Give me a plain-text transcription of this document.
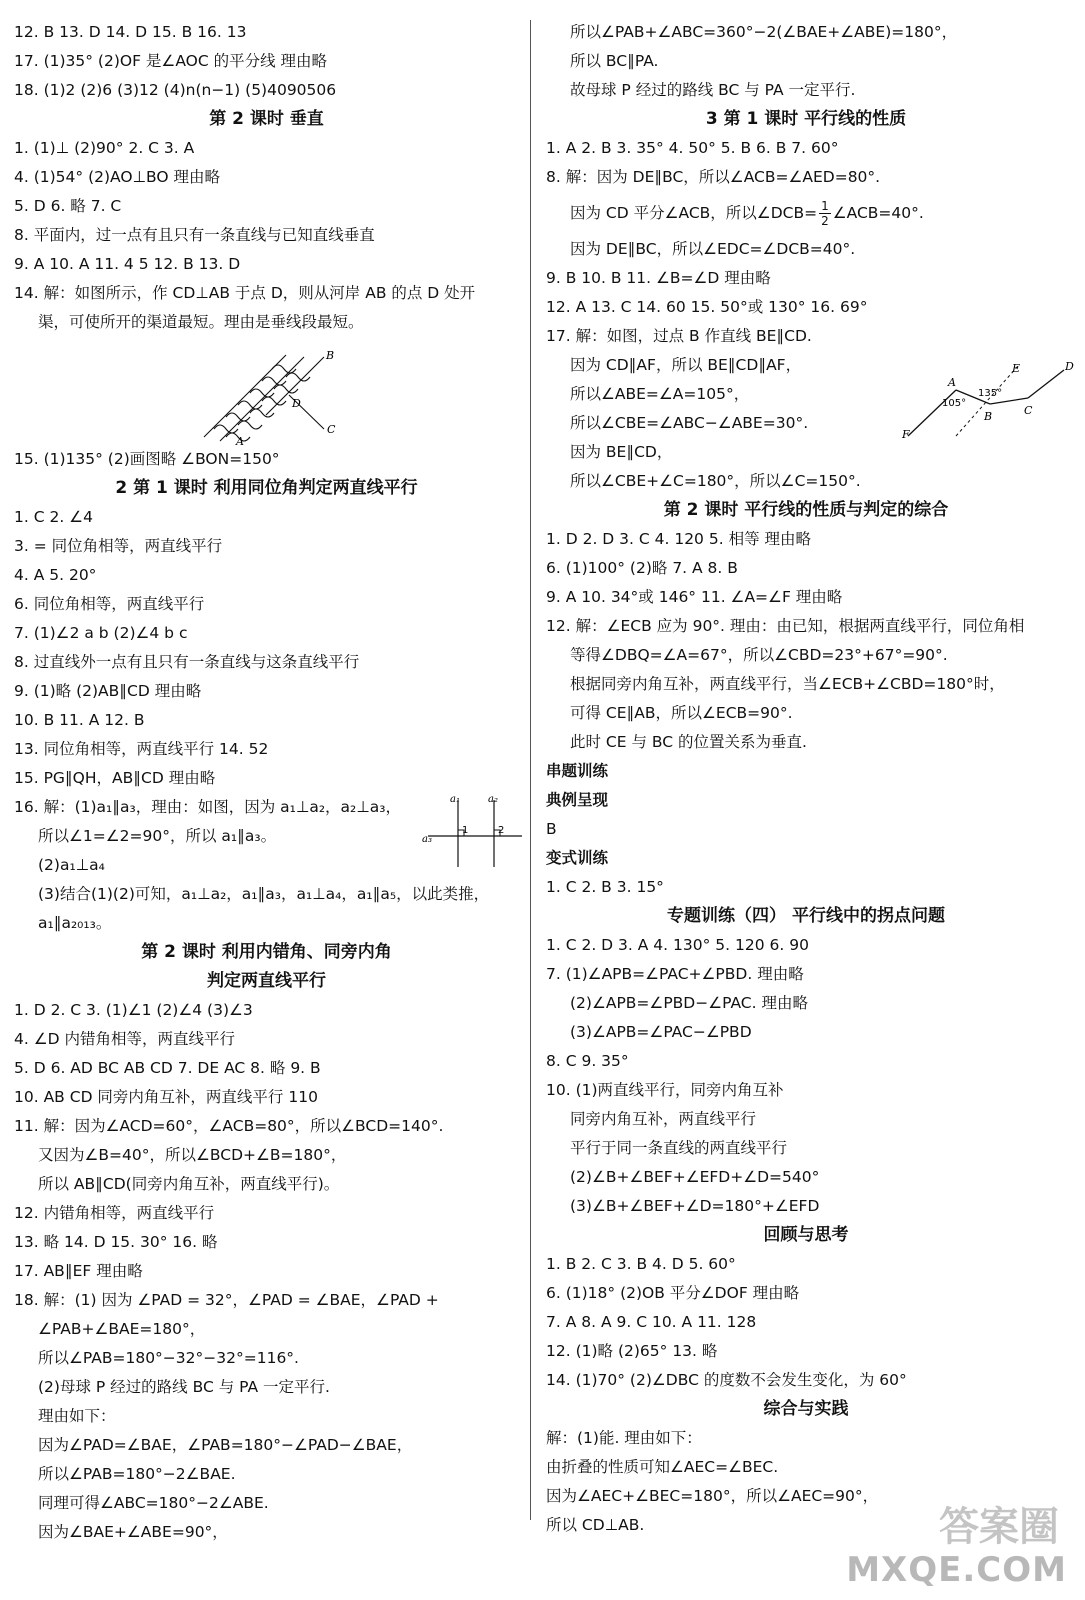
12. B 13. D 14. D 15. B 16. 13
17. (1)35° (2)OF 是∠AOC 的平分线 理由略
18. (1)2 (2)6 (3)12 (4)n(n−1) (5)4090506
第 2 课时 垂直
1. (1)⊥ (2)90° 2. C 3. A
4. (1)54° (2)AO⊥BO 理由略
5. D 6. 略 7. C
8. 平面内，过一点有且只有一条直线与已知直线垂直
9. A 10. A 11. 4 5 12. B 13. D
14. 解：如图所示，作 CD⊥AB 于点 D，则从河岸 AB 的点 D 处开
渠，可使所开的渠道最短。理由是垂线段最短。
B
D
C
A
15. (1)135° (2)画图略 ∠BON=150°
2 第 1 课时 利用同位角判定两直线平行
1. C 2. ∠4
3. = 同位角相等，两直线平行
4. A 5. 20°
6. 同位角相等，两直线平行
7. (1)∠2 a b (2)∠4 b c
8. 过直线外一点有且只有一条直线与这条直线平行
9. (1)略 (2)AB∥CD 理由略
10. B 11. A 12. B
13. 同位角相等，两直线平行 14. 52
15. PG∥QH，AB∥CD 理由略
16. 解：(1)a₁∥a₃，理由：如图，因为 a₁⊥a₂，a₂⊥a₃，
所以∠1=∠2=90°，所以 a₁∥a₃。
(2)a₁⊥a₄
(3)结合(1)(2)可知，a₁⊥a₂，a₁∥a₃，a₁⊥a₄，a₁∥a₅，以此类推，
a₁∥a₂₀₁₃。
第 2 课时 利用内错角、同旁内角
判定两直线平行
1. D 2. C 3. (1)∠1 (2)∠4 (3)∠3
4. ∠D 内错角相等，两直线平行
5. D 6. AD BC AB CD 7. DE AC 8. 略 9. B
10. AB CD 同旁内角互补，两直线平行 110
11. 解：因为∠ACD=60°，∠ACB=80°，所以∠BCD=140°.
又因为∠B=40°，所以∠BCD+∠B=180°，
所以 AB∥CD(同旁内角互补，两直线平行)。
12. 内错角相等，两直线平行
13. 略 14. D 15. 30° 16. 略
17. AB∥EF 理由略
18. 解：(1) 因为 ∠PAD = 32°，∠PAD = ∠BAE，∠PAD +
∠PAB+∠BAE=180°，
所以∠PAB=180°−32°−32°=116°.
(2)母球 P 经过的路线 BC 与 PA 一定平行.
理由如下：
因为∠PAD=∠BAE，∠PAB=180°−∠PAD−∠BAE，
所以∠PAB=180°−2∠BAE.
同理可得∠ABC=180°−2∠ABE.
因为∠BAE+∠ABE=90°，
所以∠PAB+∠ABC=360°−2(∠BAE+∠ABE)=180°，
所以 BC∥PA.
故母球 P 经过的路线 BC 与 PA 一定平行.
3 第 1 课时 平行线的性质
1. A 2. B 3. 35° 4. 50° 5. B 6. B 7. 60°
8. 解：因为 DE∥BC，所以∠ACB=∠AED=80°.
因为 CD 平分∠ACB，所以∠DCB= $\frac{1}{2}$ ∠ACB=40°.
因为 DE∥BC，所以∠EDC=∠DCB=40°.
9. B 10. B 11. ∠B=∠D 理由略
12. A 13. C 14. 60 15. 50°或 130° 16. 69°
17. 解：如图，过点 B 作直线 BE∥CD.
因为 CD∥AF，所以 BE∥CD∥AF，
所以∠ABE=∠A=105°，
所以∠CBE=∠ABC−∠ABE=30°.
因为 BE∥CD，
所以∠CBE+∠C=180°，所以∠C=150°.
第 2 课时 平行线的性质与判定的综合
1. D 2. D 3. C 4. 120 5. 相等 理由略
6. (1)100° (2)略 7. A 8. B
9. A 10. 34°或 146° 11. ∠A=∠F 理由略
12. 解：∠ECB 应为 90°. 理由：由已知，根据两直线平行，同位角相
等得∠DBQ=∠A=67°，所以∠CBD=23°+67°=90°.
根据同旁内角互补，两直线平行，当∠ECB+∠CBD=180°时，
可得 CE∥AB，所以∠ECB=90°.
此时 CE 与 BC 的位置关系为垂直.
串题训练
典例呈现
B
变式训练
1. C 2. B 3. 15°
专题训练（四） 平行线中的拐点问题
1. C 2. D 3. A 4. 130° 5. 120 6. 90
7. (1)∠APB=∠PAC+∠PBD. 理由略
(2)∠APB=∠PBD−∠PAC. 理由略
(3)∠APB=∠PAC−∠PBD
8. C 9. 35°
10. (1)两直线平行，同旁内角互补
同旁内角互补，两直线平行
平行于同一条直线的两直线平行
(2)∠B+∠BEF+∠EFD+∠D=540°
(3)∠B+∠BEF+∠D=180°+∠EFD
回顾与思考
1. B 2. C 3. B 4. D 5. 60°
6. (1)18° (2)OB 平分∠DOF 理由略
7. A 8. A 9. C 10. A 11. 128
12. (1)略 (2)65° 13. 略
14. (1)70° (2)∠DBC 的度数不会发生变化，为 60°
综合与实践
解：(1)能. 理由如下：
由折叠的性质可知∠AEC=∠BEC.
因为∠AEC+∠BEC=180°，所以∠AEC=90°，
所以 CD⊥AB.
a₁	a₂
a₃
1	2
E	D
A
105°
135°
B	C
F
答案圈
MXQE.COM
